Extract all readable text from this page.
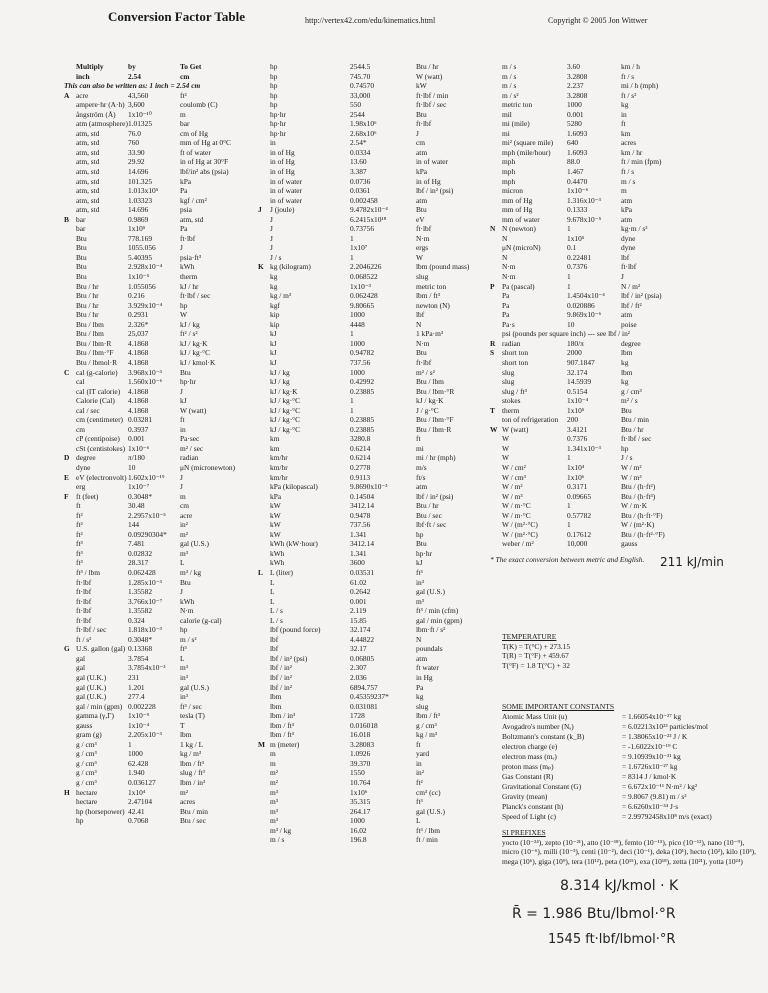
Conversion Factor Table	http://vertex42.com/edu/kinematics.html	Copyright © 2005 Jon Wittwer
Multiply	by	To Get
inch	2.54	cm
This can also be written as: 1 inch = 2.54 cm
A acre	43,560	ft²
ampere·hr (A·h) 3,600	coulomb (C)
ångström (Å)	1x10⁻¹⁰	m
atm (atmosphere) 1.01325	bar
atm, std	76.0	cm of Hg
atm, std	760	mm of Hg at 0°C
atm, std	33.90	ft of water
atm, std	29.92	in of Hg at 30°F
atm, std	14.696	lbf/in² abs (psia)
atm, std	101.325	kPa
atm, std	1.013x10⁵	Pa
atm, std	1.03323	kgf / cm²
atm, std	14.696	psia
B bar	0.9869	atm, std
bar	1x10⁵	Pa
Btu	778.169	ft·lbf
Btu	1055.056	J
Btu	5.40395	psia·ft³
Btu	2.928x10⁻⁴	kWh
Btu	1x10⁻⁵	therm
Btu / hr	1.055056	kJ / hr
Btu / hr	0.216	ft·lbf / sec
Btu / hr	3.929x10⁻⁴	hp
Btu / hr	0.2931	W
Btu / lbm	2.326*	kJ / kg
Btu / lbm	25,037	ft² / s²
Btu / lbm·R	4.1868	kJ / kg·K
Btu / lbm·°F	4.1868	kJ / kg·°C
Btu / lbmol·R	4.1868	kJ / kmol·K
C cal (g-calorie)	3.968x10⁻³	Btu
cal	1.560x10⁻⁶	hp·hr
cal (IT calorie)	4.1868	J
Calorie (Cal)	4.1868	kJ
cal / sec	4.1868	W (watt)
cm (centimeter) 0.03281	ft
cm	0.3937	in
cP (centipoise)	0.001	Pa·sec
cSt (centistokes) 1x10⁻⁶	m² / sec
D degree	π/180	radian
dyne	10	μN (micronewton)
E eV (electronvolt) 1.602x10⁻¹⁹	J
erg	1x10⁻⁷	J
F	ft (feet)	0.3048*	m
ft	30.48	cm
ft²	2.2957x10⁻⁵	acre
ft²	144	in²
ft²	0.09290304*	m²
ft³	7.481	gal (U.S.)
ft³	0.02832	m³
ft³	28.317	L
ft³ / lbm	0.062428	m³ / kg
ft·lbf	1.285x10⁻³	Btu
ft·lbf	1.35582	J
ft·lbf	3.766x10⁻⁷	kWh
ft·lbf	1.35582	N·m
ft·lbf	0.324	calorie (g-cal)
ft·lbf / sec	1.818x10⁻³	hp
ft / s²	0.3048*	m / s²
G U.S. gallon (gal) 0.13368	ft³
gal	3.7854	L
gal	3.7854x10⁻³	m³
gal (U.K.)	231	in³
gal (U.K.)	1.201	gal (U.S.)
gal (U.K.)	277.4	in³
gal / min (gpm) 0.002228	ft³ / sec
gamma (γ,Γ)	1x10⁻⁹	tesla (T)
gauss	1x10⁻⁴	T
gram (g)	2.205x10⁻³	lbm
g / cm³	1	1 kg / L
g / cm³	1000	kg / m³
g / cm³	62.428	lbm / ft³
g / cm³	1.940	slug / ft³
g / cm³	0.036127	lbm / in³
H hectare	1x10⁴	m²
hectare	2.47104	acres
hp (horsepower) 42.41	Btu / min
hp	0.7068	Btu / sec
hp	2544.5	Btu / hr
hp	745.70	W (watt)
hp	0.74570	kW
hp	33,000	ft·lbf / min
hp	550	ft·lbf / sec
hp·hr	2544	Btu
hp·hr	1.98x10⁶	ft·lbf
hp·hr	2.68x10⁶	J
in	2.54*	cm
in of Hg	0.0334	atm
in of Hg	13.60	in of water
in of Hg	3.387	kPa
in of water	0.0736	in of Hg
in of water	0.0361	lbf / in² (psi)
in of water	0.002458	atm
J	J (joule)	9.4782x10⁻⁴	Btu
J	6.2415x10¹⁸	eV
J	0.73756	ft·lbf
J	1	N·m
J	1x10⁷	ergs
J / s	1	W
K kg (kilogram)	2.2046226	lbm (pound mass)
kg	0.068522	slug
kg	1x10⁻³	metric ton
kg / m³	0.062428	lbm / ft³
kgf	9.80665	newton (N)
kip	1000	lbf
kip	4448	N
kJ	1	1 kPa·m³
kJ	1000	N·m
kJ	0.94782	Btu
kJ	737.56	ft·lbf
kJ / kg	1000	m² / s²
kJ / kg	0.42992	Btu / lbm
kJ / kg·K	0.23885	Btu / lbm·°R
kJ / kg·°C	1	kJ / kg·K
kJ / kg·°C	1	J / g·°C
kJ / kg·°C	0.23885	Btu / lbm·°F
kJ / kg·°C	0.23885	Btu / lbm·R
km	3280.8	ft
km	0.6214	mi
km/hr	0.6214	mi / hr (mph)
km/hr	0.2778	m/s
km/hr	0.9113	ft/s
kPa (kilopascal)	9.8690x10⁻³	atm
kPa	0.14504	lbf / in² (psi)
kW	3412.14	Btu / hr
kW	0.9478	Btu / sec
kW	737.56	lbf·ft / sec
kW	1.341	hp
kWh (kW·hour)	3412.14	Btu
kWh	1.341	hp·hr
kWh	3600	kJ
L L (liter)	0.03531	ft³
L	61.02	in³
L	0.2642	gal (U.S.)
L	0.001	m³
L / s	2.119	ft³ / min (cfm)
L / s	15.85	gal / min (gpm)
lbf (pound force)	32.174	lbm·ft / s²
lbf	4.44822	N
lbf	32.17	poundals
lbf / in² (psi)	0.06805	atm
lbf / in²	2.307	ft water
lbf / in²	2.036	in Hg
lbf / in²	6894.757	Pa
lbm	0.45359237*	kg
lbm	0.031081	slug
lbm / in³	1728	lbm / ft³
lbm / ft³	0.016018	g / cm³
lbm / ft³	16.018	kg / m³
M m (meter)	3.28083	ft
m	1.0926	yard
m	39.370	in
m²	1550	in²
m²	10.764	ft²
m³	1x10⁶	cm³ (cc)
m³	35.315	ft³
m³	264.17	gal (U.S.)
m³	1000	L
m³ / kg	16.02	ft³ / lbm
m / s	196.8	ft / min
m / s	3.60	km / h
m / s	3.2808	ft / s
m / s	2.237	mi / h (mph)
m / s²	3.2808	ft / s²
metric ton	1000	kg
mil	0.001	in
mi (mile)	5280	ft
mi	1.6093	km
mi² (square mile)	640	acres
mph (mile/hour)	1.6093	km / hr
mph	88.0	ft / min (fpm)
mph	1.467	ft / s
mph	0.4470	m / s
micron	1x10⁻⁶	m
mm of Hg	1.316x10⁻³	atm
mm of Hg	0.1333	kPa
mm of water	9.678x10⁻⁵	atm
N N (newton)	1	kg·m / s²
N	1x10⁵	dyne
μN (microN)	0.1	dyne
N	0.22481	lbf
N·m	0.7376	ft·lbf
N·m	1	J
P	Pa (pascal)	1	N / m²
Pa	1.4504x10⁻⁴	lbf / in² (psia)
Pa	0.020886	lbf / ft²
Pa	9.869x10⁻⁶	atm
Pa·s	10	poise
psi (pounds per square inch) --- see lbf / in²
R radian	180/π	degree
S	short ton	2000	lbm
short ton	907.1847	kg
slug	32.174	lbm
slug	14.5939	kg
slug / ft³	0.5154	g / cm³
stokes	1x10⁻⁴	m² / s
T therm	1x10⁵	Btu
ton of refrigeration	200	Btu / min
W W (watt)	3.4121	Btu / hr
W	0.7376	ft·lbf / sec
W	1.341x10⁻³	hp
W	1	J / s
W / cm²	1x10⁴	W / m²
W / cm³	1x10⁶	W / m³
W / m²	0.3171	Btu / (h·ft²)
W / m³	0.09665	Btu / (h·ft³)
W / m·°C	1	W / m·K
W / m·°C	0.57782	Btu / (h·ft·°F)
W / (m²·°C)	1	W / (m²·K)
W / (m²·°C)	0.17612	Btu / (h·ft²·°F)
weber / m²	10,000	gauss
* The exact conversion between metric and English.
TEMPERATURE
T(K) = T(°C) + 273.15
T(R) = T(°F) + 459.67
T(°F) = 1.8 T(°C) + 32
SOME IMPORTANT CONSTANTS
Atomic Mass Unit (u)	= 1.66054x10⁻²⁷ kg
Avogadro's number (Nₐ)	= 6.02213x10²³ particles/mol
Boltzmann's constant (k_B)	= 1.38065x10⁻²³ J / K
electron charge (e)	= -1.6022x10⁻¹⁹ C
electron mass (mₑ)	= 9.10939x10⁻³¹ kg
proton mass (mₚ)	= 1.6726x10⁻²⁷ kg
Gas Constant (R)	= 8314 J / kmol·K
Gravitational Constant (G)	= 6.672x10⁻¹¹ N·m² / kg²
Gravity (mean)	= 9.8067 (9.81) m / s²
Planck's constant (h)	= 6.6260x10⁻³⁴ J·s
Speed of Light (c)	= 2.99792458x10⁸ m/s (exact)
SI PREFIXES
yocto (10⁻²⁴), zepto (10⁻²¹), atto (10⁻¹⁸), femto (10⁻¹⁵), pico (10⁻¹²), nano (10⁻⁹), micro (10⁻⁶), milli (10⁻³), centi (10⁻²), deci (10⁻¹), deka (10¹), hecto (10²), kilo (10³), mega (10⁶), giga (10⁹), tera (10¹²), peta (10¹⁵), exa (10¹⁸), zetta (10²¹), yotta (10²⁴)
211 kJ/min
8.314 kJ/kmol · K
R̄ = 1.986 Btu/lbmol·°R
1545 ft·lbf/lbmol·°R
